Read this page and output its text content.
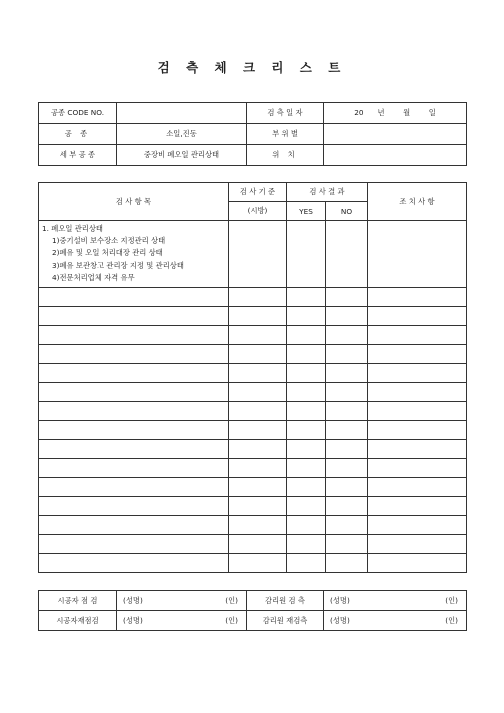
검 측 체 크 리 스 트
공종 CODE NO.		검 측 일 자	20 년 월 일
공 종	소일,진동	부 위 별	
세 부 공 종	중장비 폐오일 관리상태	위 치	
검 사 항 목	검 사 기 준	검 사 결 과		조 치 사 항
	(시방)	YES	NO	

1. 폐오일 관리상태
1)중기설비 보수장소 지정관리 상태
2)폐유 및 오일 처리대장 관리 상태
3)폐유 보관창고 관리장 지정 및 관리상태
4)전문처리업체 자격 유무				

시공자 점 검	(성명) (인)	감리원 검 측	(성명) (인)

시공자재점검	(성명) (인)	감리원 재검측	(성명) (인)
